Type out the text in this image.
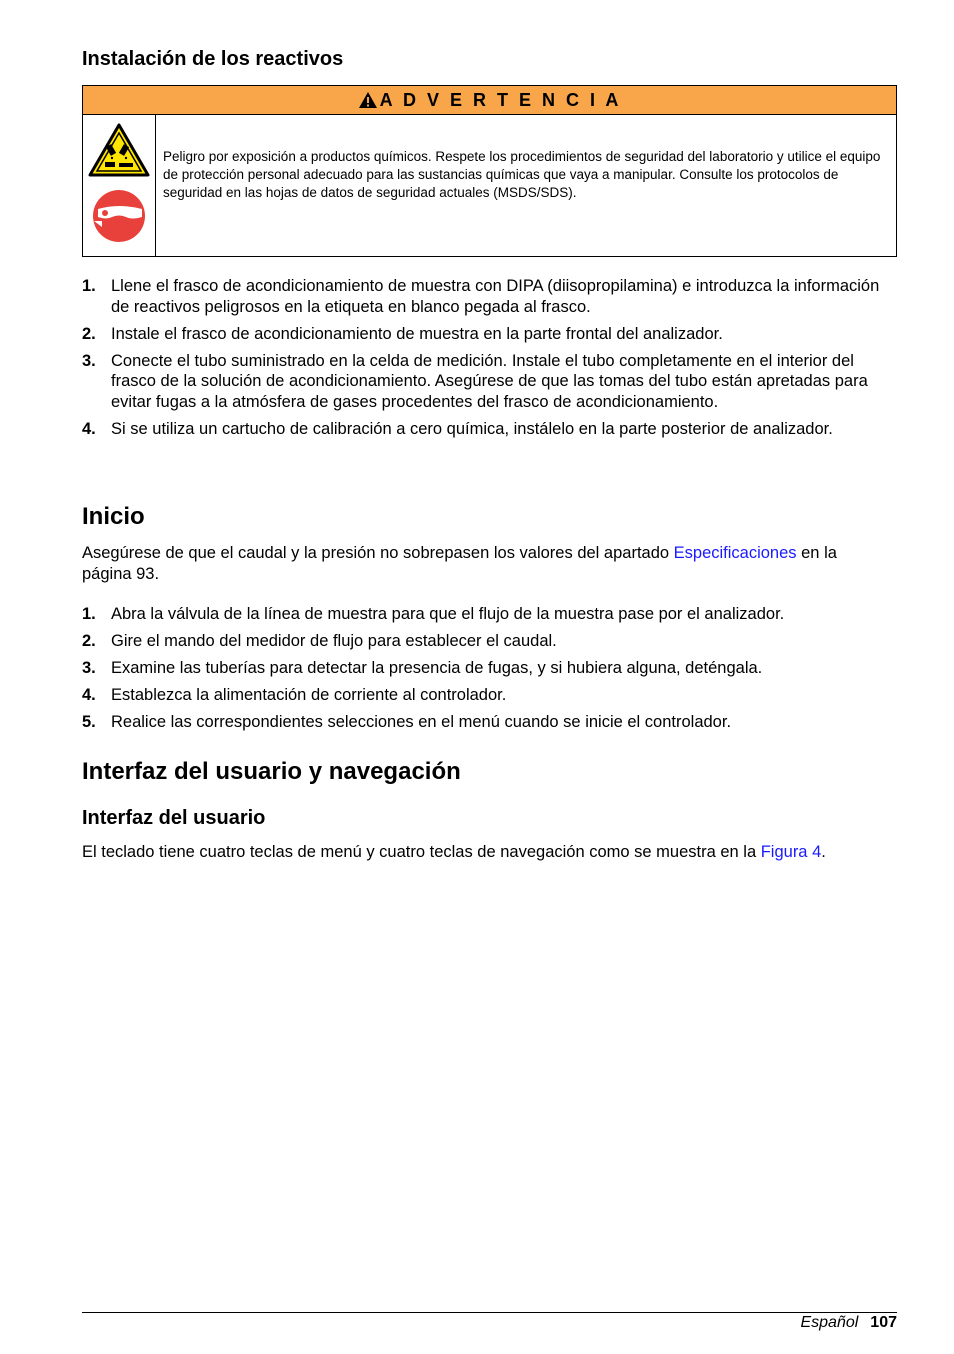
Instalación de los reactivos
A D V E R T E N C I A
Peligro por exposición a productos químicos. Respete los procedimientos de seguridad del laboratorio y utilice el equipo de protección personal adecuado para las sustancias químicas que vaya a manipular. Consulte los protocolos de seguridad en las hojas de datos de seguridad actuales (MSDS/SDS).
1. Llene el frasco de acondicionamiento de muestra con DIPA (diisopropilamina) e introduzca la información de reactivos peligrosos en la etiqueta en blanco pegada al frasco.
2. Instale el frasco de acondicionamiento de muestra en la parte frontal del analizador.
3. Conecte el tubo suministrado en la celda de medición. Instale el tubo completamente en el interior del frasco de la solución de acondicionamiento. Asegúrese de que las tomas del tubo están apretadas para evitar fugas a la atmósfera de gases procedentes del frasco de acondicionamiento.
4. Si se utiliza un cartucho de calibración a cero química, instálelo en la parte posterior de analizador.
Inicio

Asegúrese de que el caudal y la presión no sobrepasen los valores del apartado Especificaciones en la página 93.

1. Abra la válvula de la línea de muestra para que el flujo de la muestra pase por el analizador.
2. Gire el mando del medidor de flujo para establecer el caudal.
3. Examine las tuberías para detectar la presencia de fugas, y si hubiera alguna, deténgala.
4. Establezca la alimentación de corriente al controlador.
5. Realice las correspondientes selecciones en el menú cuando se inicie el controlador.
Interfaz del usuario y navegación
Interfaz del usuario

El teclado tiene cuatro teclas de menú y cuatro teclas de navegación como se muestra en la Figura 4.

Español 107
